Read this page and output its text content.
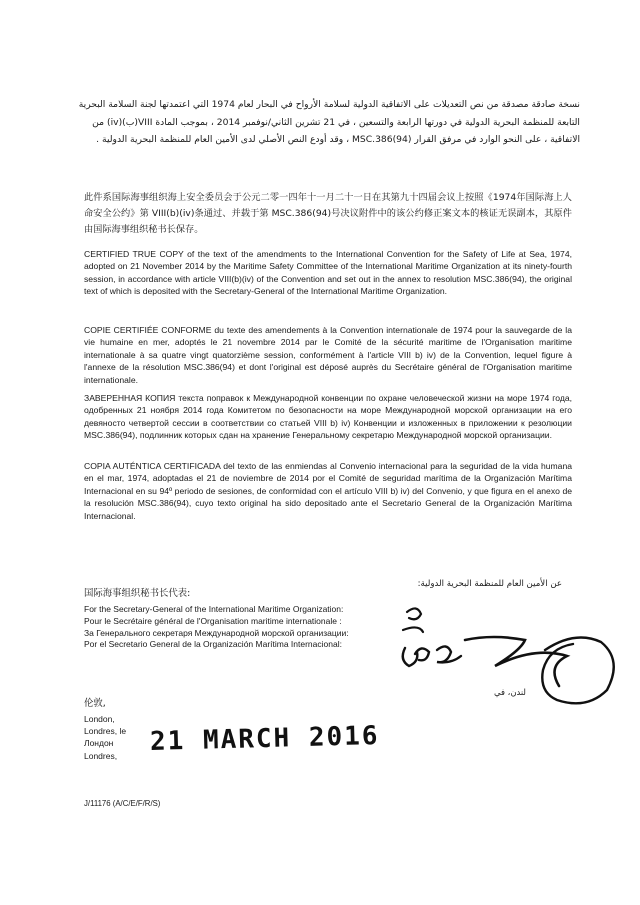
نسخة صادقة مصدقة من نص التعديلات على الاتفاقية الدولية لسلامة الأرواح في البحار لعام 1974 التي اعتمدتها لجنة السلامة البحرية التابعة للمنظمة البحرية الدولية في دورتها الرابعة والتسعين ، في 21 تشرين الثاني/نوفمبر 2014 ، بموجب المادة VIII(ب)(iv) من الاتفاقية ، على النحو الوارد في مرفق القرار MSC.386(94) ، وقد أودع النص الأصلي لدى الأمين العام للمنظمة البحرية الدولية .
此件系国际海事组织海上安全委员会于公元二零一四年十一月二十一日在其第九十四届会议上按照《1974年国际海上人命安全公约》第 VIII(b)(iv)条通过、并载于第 MSC.386(94)号决议附件中的该公约修正案文本的核证无误副本，其原件由国际海事组织秘书长保存。
CERTIFIED TRUE COPY of the text of the amendments to the International Convention for the Safety of Life at Sea, 1974, adopted on 21 November 2014 by the Maritime Safety Committee of the International Maritime Organization at its ninety-fourth session, in accordance with article VIII(b)(iv) of the Convention and set out in the annex to resolution MSC.386(94), the original text of which is deposited with the Secretary-General of the International Maritime Organization.
COPIE CERTIFIÉE CONFORME du texte des amendements à la Convention internationale de 1974 pour la sauvegarde de la vie humaine en mer, adoptés le 21 novembre 2014 par le Comité de la sécurité maritime de l'Organisation maritime internationale à sa quatre vingt quatorzième session, conformément à l'article VIII b) iv) de la Convention, lequel figure à l'annexe de la résolution MSC.386(94) et dont l'original est déposé auprès du Secrétaire général de l'Organisation maritime internationale.
ЗАВЕРЕННАЯ КОПИЯ текста поправок к Международной конвенции по охране человеческой жизни на море 1974 года, одобренных 21 ноября 2014 года Комитетом по безопасности на море Международной морской организации на его девяносто четвертой сессии в соответствии со статьей VIII b) iv) Конвенции и изложенных в приложении к резолюции MSC.386(94), подлинник которых сдан на хранение Генеральному секретарю Международной морской организации.
COPIA AUTÉNTICA CERTIFICADA del texto de las enmiendas al Convenio internacional para la seguridad de la vida humana en el mar, 1974, adoptadas el 21 de noviembre de 2014 por el Comité de seguridad marítima de la Organización Marítima Internacional en su 94º periodo de sesiones, de conformidad con el artículo VIII b) iv) del Convenio, y que figura en el anexo de la resolución MSC.386(94), cuyo texto original ha sido depositado ante el Secretario General de la Organización Marítima Internacional.
عن الأمين العام للمنظمة البحرية الدولية:
国际海事组织秘书长代表:
For the Secretary-General of the International Maritime Organization:
Pour le Secrétaire général de l'Organisation maritime internationale :
За Генерального секретаря Международной морской организации:
Por el Secretario General de la Organización Marítima Internacional:
伦敦,
لندن، في
London,
Londres, le
Лондон
Londres,	21 MARCH 2016
J/11176 (A/C/E/F/R/S)
